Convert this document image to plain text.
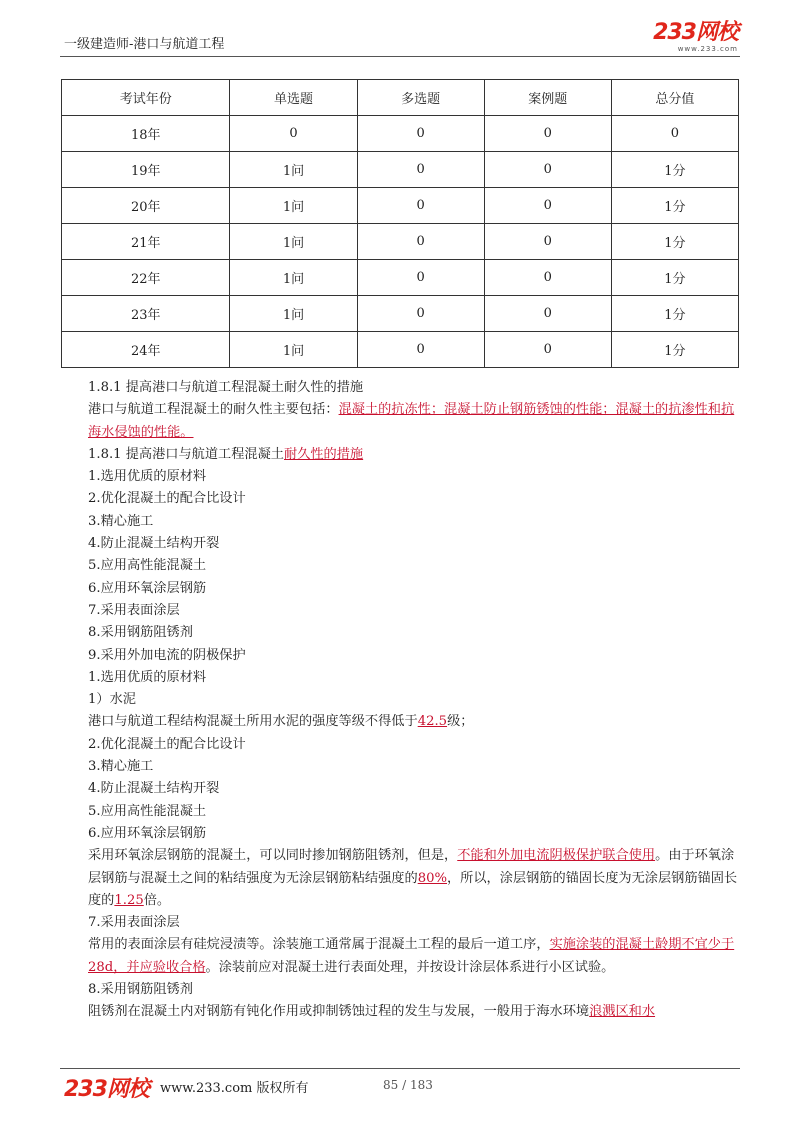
一级建造师-港口与航道工程	233网校
www.233.com
考试年份	单选题	多选题	案例题	总分值
18年	0	0	0	0
19年	1问	0	0	1分
20年	1问	0	0	1分
21年	1问	0	0	1分
22年	1问	0	0	1分
23年	1问	0	0	1分
24年	1问	0	0	1分

1.8.1 提高港口与航道工程混凝土耐久性的措施

港口与航道工程混凝土的耐久性主要包括：混凝土的抗冻性；混凝土防止钢筋锈蚀的性能；混凝土的抗渗性和抗海水侵蚀的性能。

1.8.1 提高港口与航道工程混凝土耐久性的措施

1.选用优质的原材料

2.优化混凝土的配合比设计

3.精心施工

4.防止混凝土结构开裂

5.应用高性能混凝土

6.应用环氧涂层钢筋

7.采用表面涂层

8.采用钢筋阻锈剂

9.采用外加电流的阴极保护

1.选用优质的原材料

1）水泥

港口与航道工程结构混凝土所用水泥的强度等级不得低于42.5级；

2.优化混凝土的配合比设计

3.精心施工

4.防止混凝土结构开裂

5.应用高性能混凝土

6.应用环氧涂层钢筋

采用环氧涂层钢筋的混凝土，可以同时掺加钢筋阻锈剂，但是，不能和外加电流阴极保护联合使用。由于环氧涂层钢筋与混凝土之间的粘结强度为无涂层钢筋粘结强度的80%，所以，涂层钢筋的锚固长度为无涂层钢筋锚固长度的1.25倍。

7.采用表面涂层

常用的表面涂层有硅烷浸渍等。涂装施工通常属于混凝土工程的最后一道工序，实施涂装的混凝土龄期不宜少于28d，并应验收合格。涂装前应对混凝土进行表面处理，并按设计涂层体系进行小区试验。

8.采用钢筋阻锈剂

阻锈剂在混凝土内对钢筋有钝化作用或抑制锈蚀过程的发生与发展，一般用于海水环境浪溅区和水

233网校 www.233.com 版权所有	85 / 183
